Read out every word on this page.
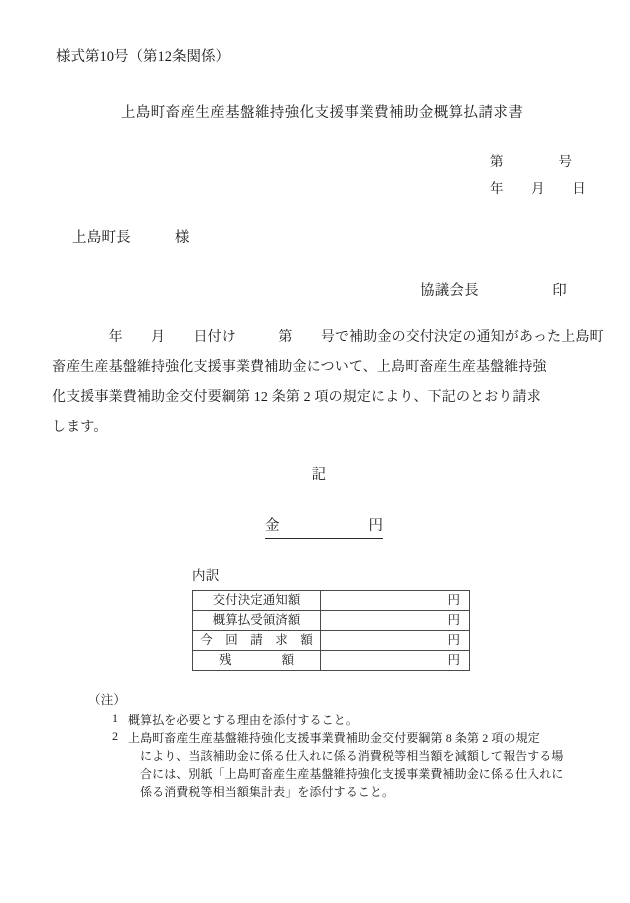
様式第10号（第12条関係）
上島町畜産生産基盤維持強化支援事業費補助金概算払請求書
第　　　　号
年　　月　　日
上島町長　　　様
協議会長　　　　　印
　　　　年　　月　　日付け　　　第　　号で補助金の交付決定の通知があった上島町
畜産生産基盤維持強化支援事業費補助金について、上島町畜産生産基盤維持強
化支援事業費補助金交付要綱第 12 条第 2 項の規定により、下記のとおり請求
します。
記
金	円
内訳
交付決定通知額	円
概算払受領済額	円
今　回　請　求　額	円
残　　　　額	円
（注）
1 概算払を必要とする理由を添付すること。
2 上島町畜産生産基盤維持強化支援事業費補助金交付要綱第 8 条第 2 項の規定
により、当該補助金に係る仕入れに係る消費税等相当額を減額して報告する場
合には、別紙「上島町畜産生産基盤維持強化支援事業費補助金に係る仕入れに
係る消費税等相当額集計表」を添付すること。
